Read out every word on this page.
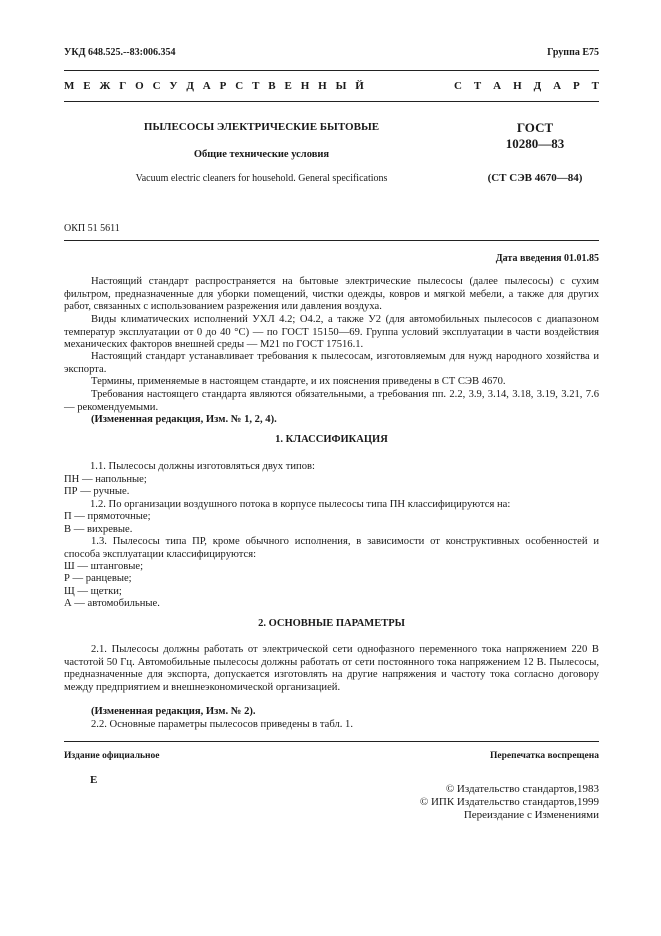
УКД 648.525.--83:006.354	Группа Е75
М Е Ж Г О С У Д А Р С Т В Е Н Н Ы Й	С Т А Н Д А Р Т
ПЫЛЕСОСЫ ЭЛЕКТРИЧЕСКИЕ БЫТОВЫЕ
Общие технические условия
Vacuum electric cleaners for household. General specifications
ГОСТ
10280—83
(СТ СЭВ 4670—84)
ОКП 51 5611
Дата введения 01.01.85
Настоящий стандарт распространяется на бытовые электрические пылесосы (далее пылесосы) с сухим фильтром, предназначенные для уборки помещений, чистки одежды, ковров и мягкой мебели, а также для других работ, связанных с использованием разрежения или давления воздуха.
Виды климатических исполнений УХЛ 4.2; О4.2, а также У2 (для автомобильных пылесосов с диапазоном температур эксплуатации от 0 до 40 °С) — по ГОСТ 15150—69. Группа условий эксплуатации в части воздействия механических факторов внешней среды — М21 по ГОСТ 17516.1.
Настоящий стандарт устанавливает требования к пылесосам, изготовляемым для нужд народного хозяйства и экспорта.
Термины, применяемые в настоящем стандарте, и их пояснения приведены в СТ СЭВ 4670.
Требования настоящего стандарта являются обязательными, а требования пп. 2.2, 3.9, 3.14, 3.18, 3.19, 3.21, 7.6 — рекомендуемыми.
(Измененная редакция, Изм. № 1, 2, 4).
1. КЛАССИФИКАЦИЯ
1.1. Пылесосы должны изготовляться двух типов:
ПН — напольные;
ПР — ручные.
1.2. По организации воздушного потока в корпусе пылесосы типа ПН классифицируются на:
П — прямоточные;
В — вихревые.
1.3. Пылесосы типа ПР, кроме обычного исполнения, в зависимости от конструктивных особенностей и способа эксплуатации классифицируются:
Ш — штанговые;
Р — ранцевые;
Щ — щетки;
А — автомобильные.
2. ОСНОВНЫЕ ПАРАМЕТРЫ
2.1. Пылесосы должны работать от электрической сети однофазного переменного тока напряжением 220 В частотой 50 Гц. Автомобильные пылесосы должны работать от сети постоянного тока напряжением 12 В. Пылесосы, предназначенные для экспорта, допускается изготовлять на другие напряжения и частоту тока согласно договору между предприятием и внешнеэкономической организацией.
(Измененная редакция, Изм. № 2).
2.2. Основные параметры пылесосов приведены в табл. 1.
Издание официальное	Перепечатка воспрещена
Е
© Издательство стандартов,1983
© ИПК Издательство стандартов,1999
Переиздание с Изменениями
